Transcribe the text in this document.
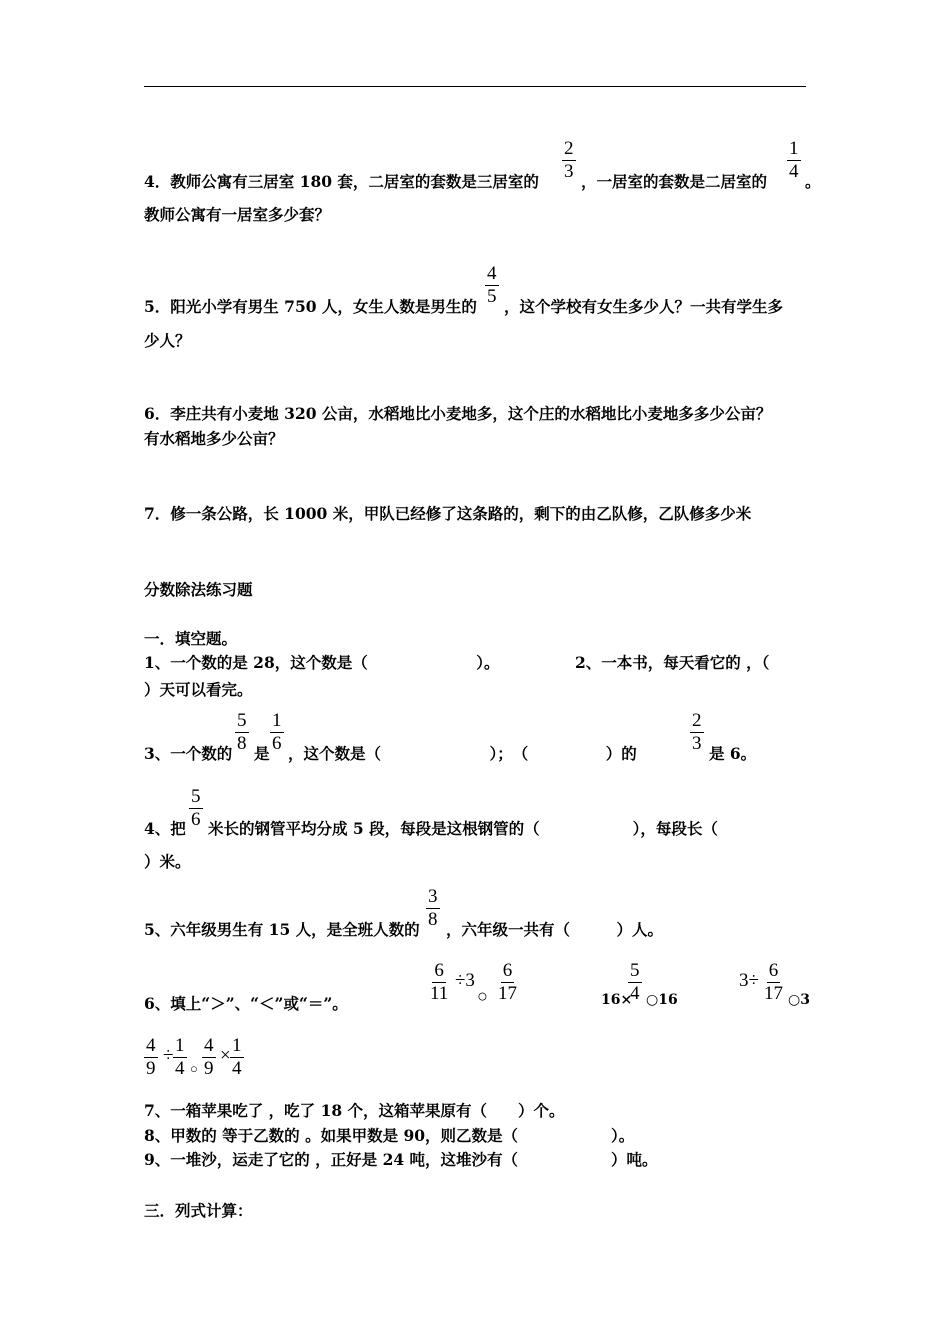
4．教师公寓有三居室 180 套，二居室的套数是三居室的 $\frac{2}{3}$ ，一居室的套数是二居室的 $\frac{1}{4}$ 。
教师公寓有一居室多少套？
5．阳光小学有男生 750 人，女生人数是男生的 $\frac{4}{5}$ ，这个学校有女生多少人？一共有学生多
少人？
6．李庄共有小麦地 320 公亩，水稻地比小麦地多，这个庄的水稻地比小麦地多多少公亩？
有水稻地多少公亩？
7．修一条公路，长 1000 米，甲队已经修了这条路的，剩下的由乙队修，乙队修多少米
分数除法练习题
一．填空题。
1、一个数的是 28，这个数是（　　　　　　　）。	2、一本书，每天看它的 ，（
）天可以看完。
3、一个数的 $\frac{5}{8}$ 是 $\frac{1}{6}$ ，这个数是（　　　　　　　）；　（　　　　　）的	$\frac{2}{3}$ 是 6。
4、把 $\frac{5}{6}$ 米长的钢管平均分成 5 段，每段是这根钢管的（　　　　　　），每段长（
）米。
5、六年级男生有 15 人，是全班人数的 $\frac{3}{8}$ ，六年级一共有（　　　）人。
6、填上“＞”、“＜”或“＝”。	$\frac{6}{11} \div 3$
○ $\frac{6}{17}$	16×
$\frac{5}{4}$ ○16
$3\div \frac{6}{17}$ ○3
$\frac{4}{9} \div \frac{1}{4}$ ○ $\frac{4}{9} \times \frac{1}{4}$
7、一箱苹果吃了 ，吃了 18 个，这箱苹果原有（　　）个。
8、甲数的 等于乙数的 。如果甲数是 90，则乙数是（　　　　　　）。
9、一堆沙，运走了它的 ，正好是 24 吨，这堆沙有（　　　　　　）吨。
三．列式计算：
